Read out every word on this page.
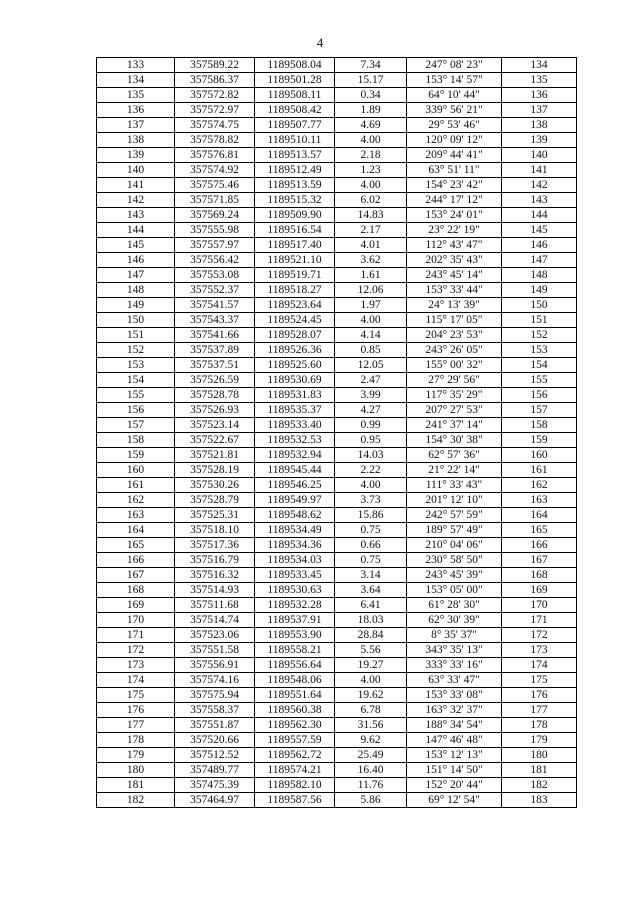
4
133	357589.22	1189508.04	7.34	247° 08' 23"	134
134	357586.37	1189501.28	15.17	153° 14' 57"	135
135	357572.82	1189508.11	0.34	64° 10' 44"	136
136	357572.97	1189508.42	1.89	339° 56' 21"	137
137	357574.75	1189507.77	4.69	29° 53' 46"	138
138	357578.82	1189510.11	4.00	120° 09' 12"	139
139	357576.81	1189513.57	2.18	209° 44' 41"	140
140	357574.92	1189512.49	1.23	63° 51' 11"	141
141	357575.46	1189513.59	4.00	154° 23' 42"	142
142	357571.85	1189515.32	6.02	244° 17' 12"	143
143	357569.24	1189509.90	14.83	153° 24' 01"	144
144	357555.98	1189516.54	2.17	23° 22' 19"	145
145	357557.97	1189517.40	4.01	112° 43' 47"	146
146	357556.42	1189521.10	3.62	202° 35' 43"	147
147	357553.08	1189519.71	1.61	243° 45' 14"	148
148	357552.37	1189518.27	12.06	153° 33' 44"	149
149	357541.57	1189523.64	1.97	24° 13' 39"	150
150	357543.37	1189524.45	4.00	115° 17' 05"	151
151	357541.66	1189528.07	4.14	204° 23' 53"	152
152	357537.89	1189526.36	0.85	243° 26' 05"	153
153	357537.51	1189525.60	12.05	155° 00' 32"	154
154	357526.59	1189530.69	2.47	27° 29' 56"	155
155	357528.78	1189531.83	3.99	117° 35' 29"	156
156	357526.93	1189535.37	4.27	207° 27' 53"	157
157	357523.14	1189533.40	0.99	241° 37' 14"	158
158	357522.67	1189532.53	0.95	154° 30' 38"	159
159	357521.81	1189532.94	14.03	62° 57' 36"	160
160	357528.19	1189545.44	2.22	21° 22' 14"	161
161	357530.26	1189546.25	4.00	111° 33' 43"	162
162	357528.79	1189549.97	3.73	201° 12' 10"	163
163	357525.31	1189548.62	15.86	242° 57' 59"	164
164	357518.10	1189534.49	0.75	189° 57' 49"	165
165	357517.36	1189534.36	0.66	210° 04' 06"	166
166	357516.79	1189534.03	0.75	230° 58' 50"	167
167	357516.32	1189533.45	3.14	243° 45' 39"	168
168	357514.93	1189530.63	3.64	153° 05' 00"	169
169	357511.68	1189532.28	6.41	61° 28' 30"	170
170	357514.74	1189537.91	18.03	62° 30' 39"	171
171	357523.06	1189553.90	28.84	8° 35' 37"	172
172	357551.58	1189558.21	5.56	343° 35' 13"	173
173	357556.91	1189556.64	19.27	333° 33' 16"	174
174	357574.16	1189548.06	4.00	63° 33' 47"	175
175	357575.94	1189551.64	19.62	153° 33' 08"	176
176	357558.37	1189560.38	6.78	163° 32' 37"	177
177	357551.87	1189562.30	31.56	188° 34' 54"	178
178	357520.66	1189557.59	9.62	147° 46' 48"	179
179	357512.52	1189562.72	25.49	153° 12' 13"	180
180	357489.77	1189574.21	16.40	151° 14' 50"	181
181	357475.39	1189582.10	11.76	152° 20' 44"	182
182	357464.97	1189587.56	5.86	69° 12' 54"	183
